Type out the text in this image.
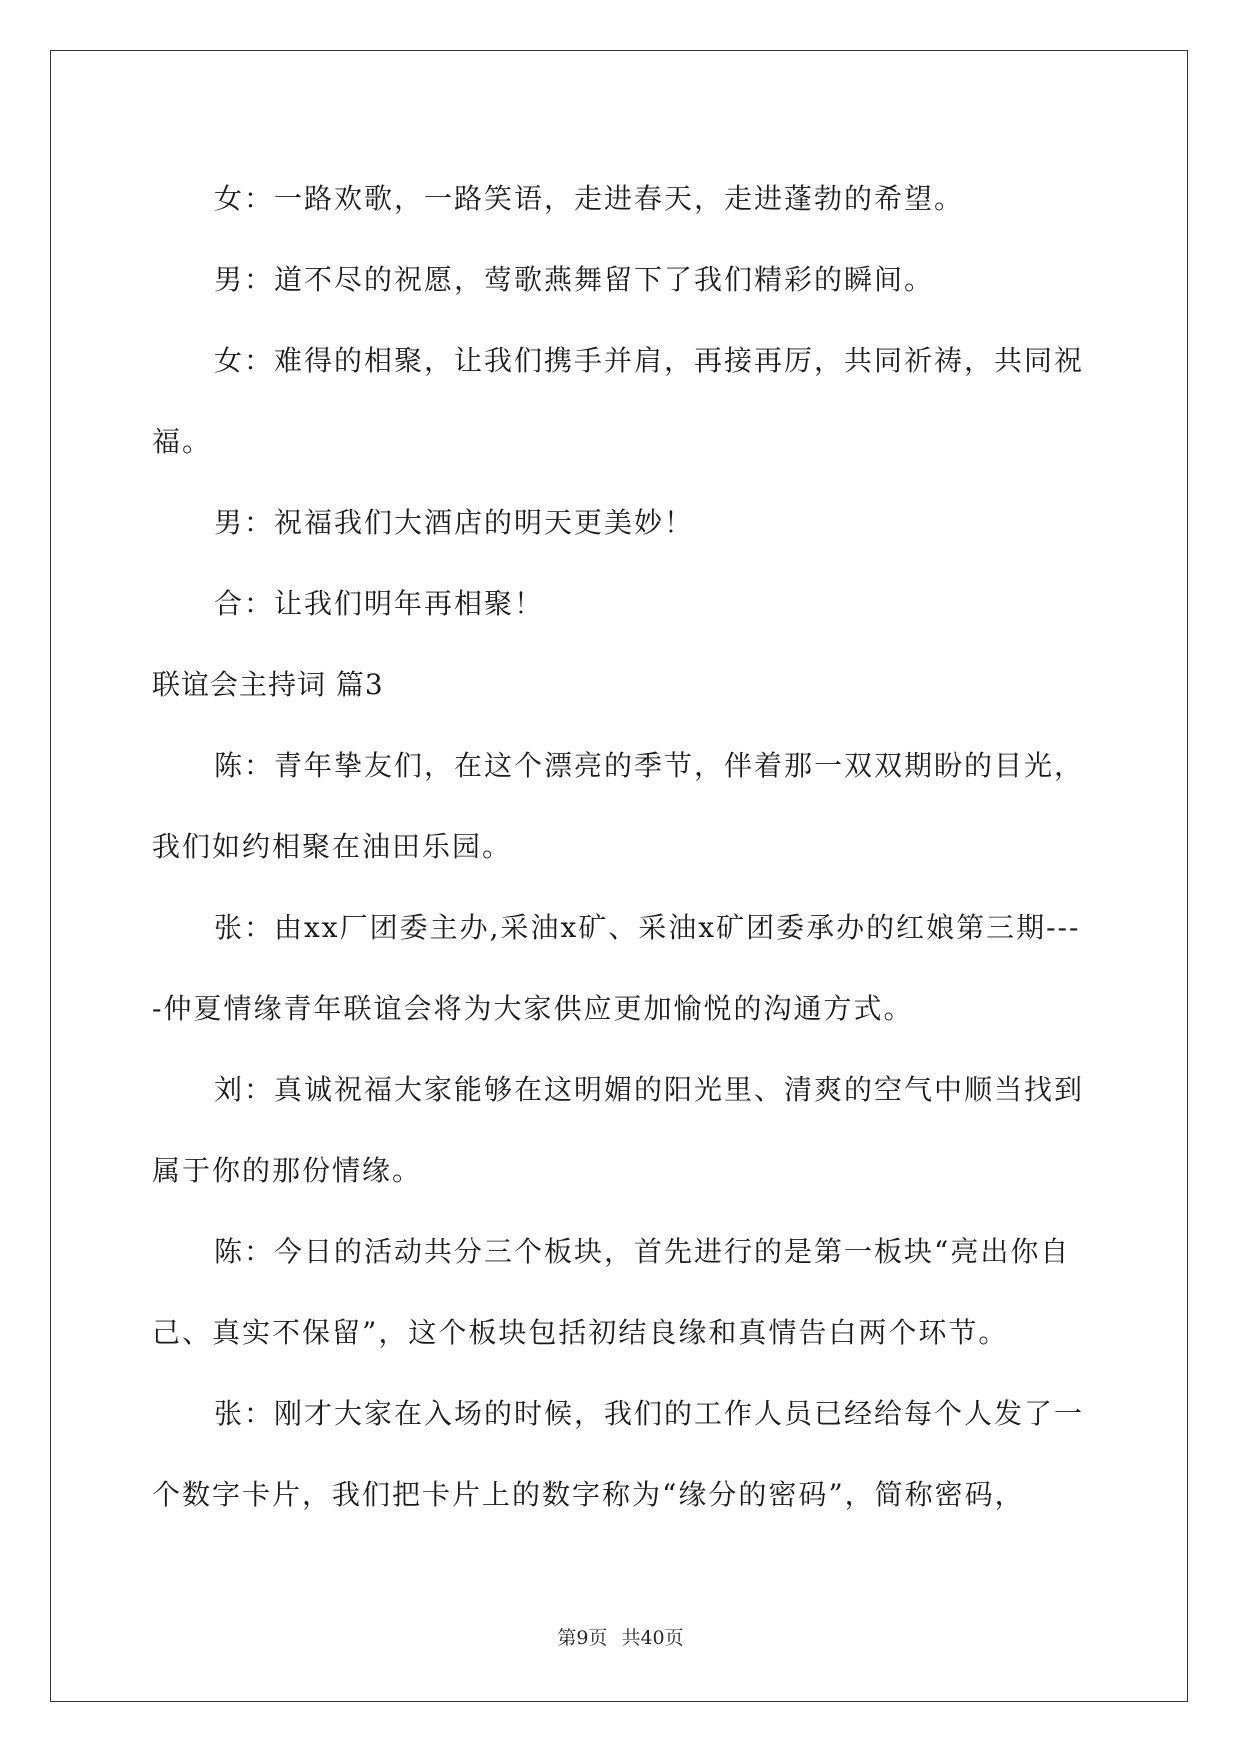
女：一路欢歌，一路笑语，走进春天，走进蓬勃的希望。

男：道不尽的祝愿，莺歌燕舞留下了我们精彩的瞬间。

女：难得的相聚，让我们携手并肩，再接再厉，共同祈祷，共同祝福。

男：祝福我们大酒店的明天更美妙！

合：让我们明年再相聚！

联谊会主持词 篇3

陈：青年挚友们，在这个漂亮的季节，伴着那一双双期盼的目光，我们如约相聚在油田乐园。

张：由xx厂团委主办,采油x矿、采油x矿团委承办的红娘第三期----仲夏情缘青年联谊会将为大家供应更加愉悦的沟通方式。

刘：真诚祝福大家能够在这明媚的阳光里、清爽的空气中顺当找到属于你的那份情缘。

陈：今日的活动共分三个板块，首先进行的是第一板块“亮出你自己、真实不保留”，这个板块包括初结良缘和真情告白两个环节。

张：刚才大家在入场的时候，我们的工作人员已经给每个人发了一个数字卡片，我们把卡片上的数字称为“缘分的密码”，简称密码，

第9页 共40页
